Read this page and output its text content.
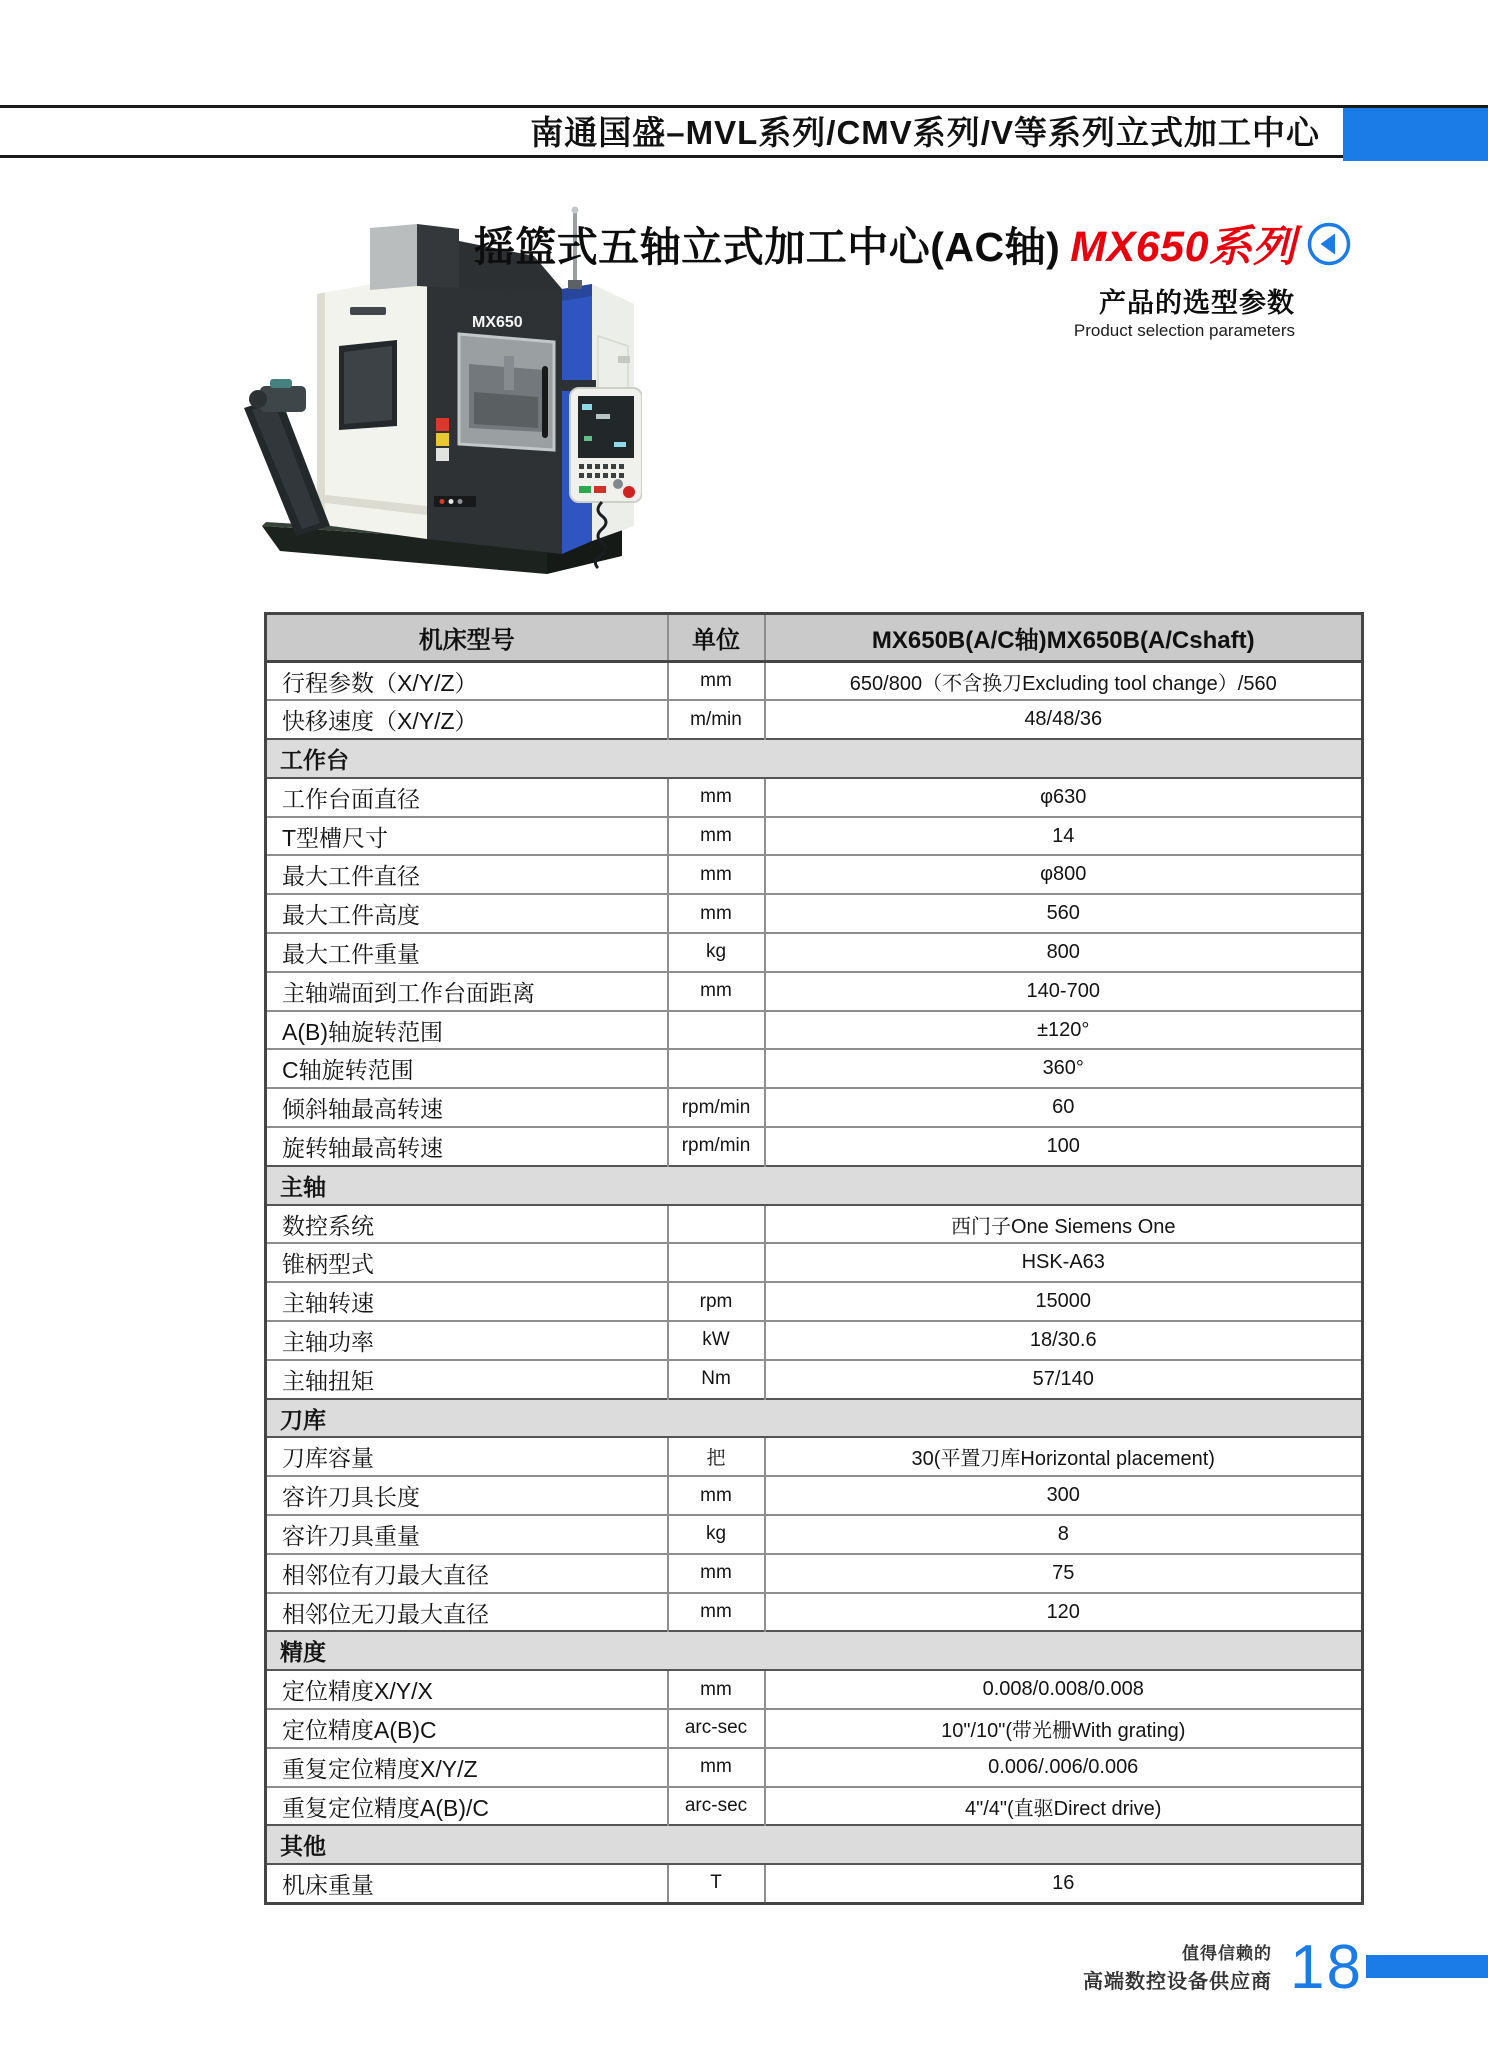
南通国盛–MVL系列/CMV系列/V等系列立式加工中心
MX650
摇篮式五轴立式加工中心(AC轴) MX650系列
产品的选型参数
Product selection parameters
机床型号	单位	MX650B(A/C轴)MX650B(A/Cshaft)
行程参数（X/Y/Z）	mm	650/800（不含换刀Excluding tool change）/560
快移速度（X/Y/Z）	m/min	48/48/36
工作台		
工作台面直径	mm	φ630
T型槽尺寸	mm	14
最大工件直径	mm	φ800
最大工件高度	mm	560
最大工件重量	kg	800
主轴端面到工作台面距离	mm	140-700
A(B)轴旋转范围		±120°
C轴旋转范围		360°
倾斜轴最高转速	rpm/min	60
旋转轴最高转速	rpm/min	100
主轴		
数控系统		西门子One Siemens One
锥柄型式		HSK-A63
主轴转速	rpm	15000
主轴功率	kW	18/30.6
主轴扭矩	Nm	57/140
刀库		
刀库容量	把	30(平置刀库Horizontal placement)
容许刀具长度	mm	300
容许刀具重量	kg	8
相邻位有刀最大直径	mm	75
相邻位无刀最大直径	mm	120
精度		
定位精度X/Y/X	mm	0.008/0.008/0.008
定位精度A(B)C	arc-sec	10"/10"(带光栅With grating)
重复定位精度X/Y/Z	mm	0.006/.006/0.006
重复定位精度A(B)/C	arc-sec	4"/4"(直驱Direct drive)
其他		
机床重量	T	16
值得信赖的
高端数控设备供应商 18
